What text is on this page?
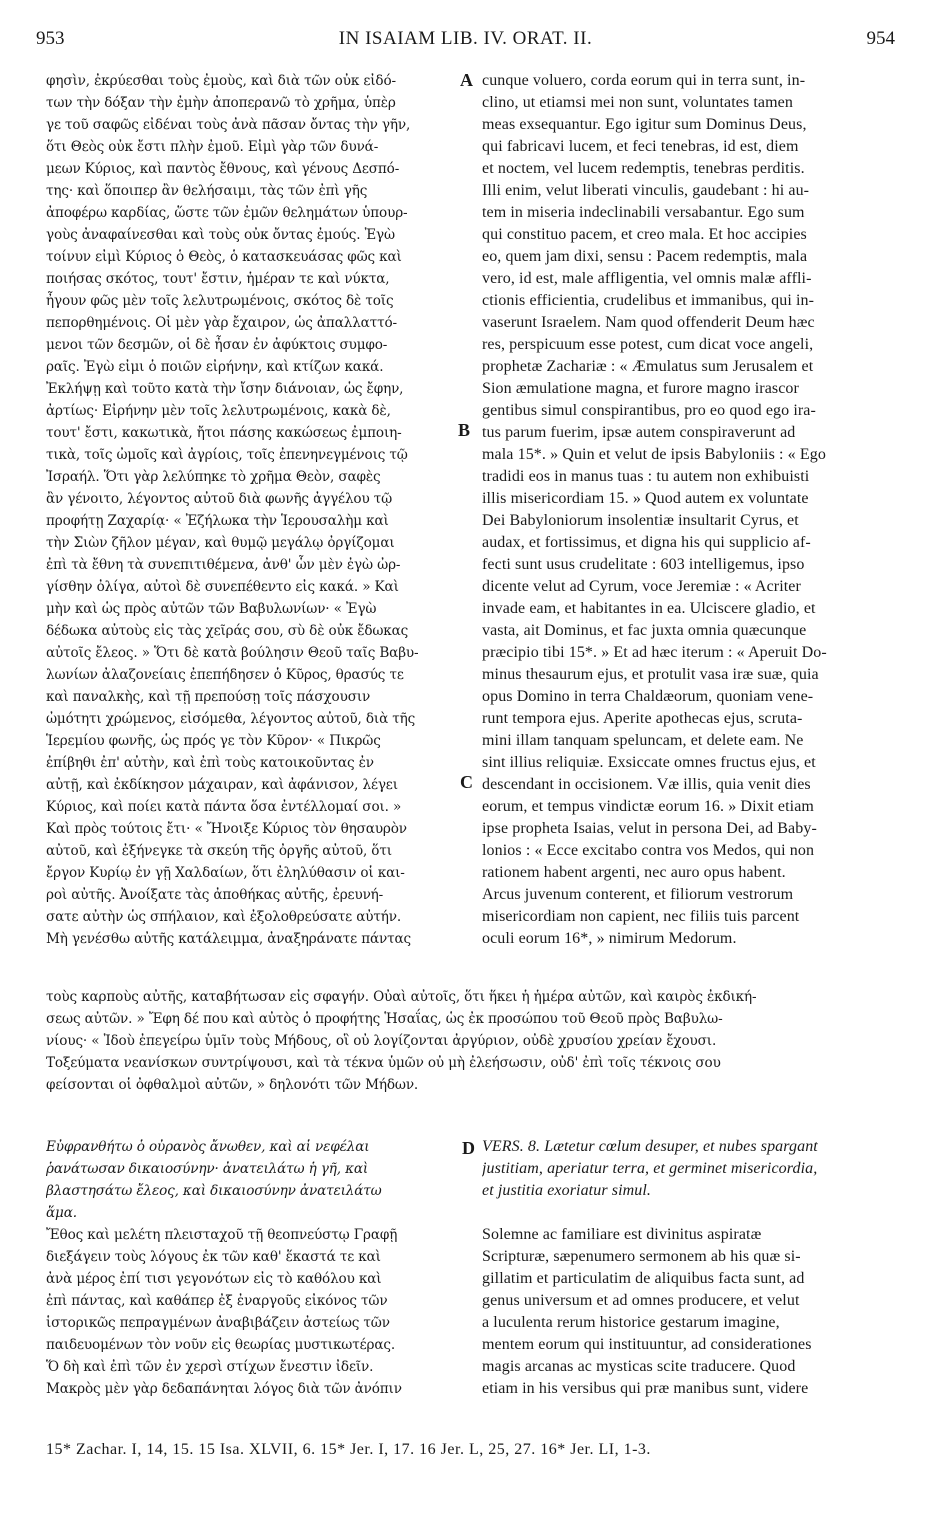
953	IN ISAIAM LIB. IV. ORAT. II.	954
A
B
C
D
φησὶν, ἐκρύεσθαι τοὺς ἐμοὺς, καὶ διὰ τῶν οὐκ εἰδό-
των τὴν δόξαν τὴν ἐμὴν ἀποπερανῶ τὸ χρῆμα, ὑπὲρ
γε τοῦ σαφῶς εἰδέναι τοὺς ἀνὰ πᾶσαν ὄντας τὴν γῆν,
ὅτι Θεὸς οὐκ ἔστι πλὴν ἐμοῦ. Εἰμὶ γὰρ τῶν δυνά-
μεων Κύριος, καὶ παντὸς ἔθνους, καὶ γένους Δεσπό-
της· καὶ ὅποιπερ ἂν θελήσαιμι, τὰς τῶν ἐπὶ γῆς
ἀποφέρω καρδίας, ὥστε τῶν ἐμῶν θελημάτων ὑπουρ-
γοὺς ἀναφαίνεσθαι καὶ τοὺς οὐκ ὄντας ἐμούς. Ἐγὼ
τοίνυν εἰμὶ Κύριος ὁ Θεὸς, ὁ κατασκευάσας φῶς καὶ
ποιήσας σκότος, τουτ' ἔστιν, ἡμέραν τε καὶ νύκτα,
ἦγουν φῶς μὲν τοῖς λελυτρωμένοις, σκότος δὲ τοῖς
πεπορθημένοις. Οἱ μὲν γὰρ ἔχαιρον, ὡς ἀπαλλαττό-
μενοι τῶν δεσμῶν, οἱ δὲ ἦσαν ἐν ἀφύκτοις συμφο-
ραῖς. Ἐγὼ εἰμι ὁ ποιῶν εἰρήνην, καὶ κτίζων κακά.
Ἐκλήψῃ καὶ τοῦτο κατὰ τὴν ἴσην διάνοιαν, ὡς ἔφην,
ἀρτίως· Εἰρήνην μὲν τοῖς λελυτρωμένοις, κακὰ δὲ,
τουτ' ἔστι, κακωτικὰ, ἤτοι πάσης κακώσεως ἐμποιη-
τικὰ, τοῖς ὠμοῖς καὶ ἀγρίοις, τοῖς ἐπενηνεγμένοις τῷ
Ἰσραήλ. Ὅτι γὰρ λελύπηκε τὸ χρῆμα Θεὸν, σαφὲς
ἂν γένοιτο, λέγοντος αὐτοῦ διὰ φωνῆς ἀγγέλου τῷ
προφήτῃ Ζαχαρίᾳ· « Ἐζήλωκα τὴν Ἱερουσαλὴμ καὶ
τὴν Σιὼν ζῆλον μέγαν, καὶ θυμῷ μεγάλῳ ὀργίζομαι
ἐπὶ τὰ ἔθνη τὰ συνεπιτιθέμενα, ἀνθ' ὧν μὲν ἐγὼ ὠρ-
γίσθην ὀλίγα, αὐτοὶ δὲ συνεπέθεντο εἰς κακά. » Καὶ
μὴν καὶ ὡς πρὸς αὐτῶν τῶν Βαβυλωνίων· « Ἐγὼ
δέδωκα αὐτοὺς εἰς τὰς χεῖράς σου, σὺ δὲ οὐκ ἔδωκας
αὐτοῖς ἔλεος. » Ὅτι δὲ κατὰ βούλησιν Θεοῦ ταῖς Βαβυ-
λωνίων ἀλαζονείαις ἐπεπήδησεν ὁ Κῦρος, θρασύς τε
καὶ παναλκὴς, καὶ τῇ πρεπούσῃ τοῖς πάσχουσιν
ὠμότητι χρώμενος, εἰσόμεθα, λέγοντος αὐτοῦ, διὰ τῆς
Ἱερεμίου φωνῆς, ὡς πρός γε τὸν Κῦρον· « Πικρῶς
ἐπίβηθι ἐπ' αὐτὴν, καὶ ἐπὶ τοὺς κατοικοῦντας ἐν
αὐτῇ, καὶ ἐκδίκησον μάχαιραν, καὶ ἀφάνισον, λέγει
Κύριος, καὶ ποίει κατὰ πάντα ὅσα ἐντέλλομαί σοι. »
Καὶ πρὸς τούτοις ἔτι· « Ἤνοιξε Κύριος τὸν θησαυρὸν
αὐτοῦ, καὶ ἐξήνεγκε τὰ σκεύη τῆς ὀργῆς αὐτοῦ, ὅτι
ἔργον Κυρίῳ ἐν γῇ Χαλδαίων, ὅτι ἐληλύθασιν οἱ και-
ροὶ αὐτῆς. Ἀνοίξατε τὰς ἀποθήκας αὐτῆς, ἐρευνή-
σατε αὐτὴν ὡς σπήλαιον, καὶ ἐξολοθρεύσατε αὐτήν.
Μὴ γενέσθω αὐτῆς κατάλειμμα, ἀναξηράνατε πάντας
cunque voluero, corda eorum qui in terra sunt, in-
clino, ut etiamsi mei non sunt, voluntates tamen
meas exsequantur. Ego igitur sum Dominus Deus,
qui fabricavi lucem, et feci tenebras, id est, diem
et noctem, vel lucem redemptis, tenebras perditis.
Illi enim, velut liberati vinculis, gaudebant : hi au-
tem in miseria indeclinabili versabantur. Ego sum
qui constituo pacem, et creo mala. Et hoc accipies
eo, quem jam dixi, sensu : Pacem redemptis, mala
vero, id est, male affligentia, vel omnis malæ affli-
ctionis efficientia, crudelibus et immanibus, qui in-
vaserunt Israelem. Nam quod offenderit Deum hæc
res, perspicuum esse potest, cum dicat voce angeli,
prophetæ Zachariæ : « Æmulatus sum Jerusalem et
Sion æmulatione magna, et furore magno irascor
gentibus simul conspirantibus, pro eo quod ego ira-
tus parum fuerim, ipsæ autem conspiraverunt ad
mala 15*. » Quin et velut de ipsis Babyloniis : « Ego
tradidi eos in manus tuas : tu autem non exhibuisti
illis misericordiam 15. » Quod autem ex voluntate
Dei Babyloniorum insolentiæ insultarit Cyrus, et
audax, et fortissimus, et digna his qui supplicio af-
fecti sunt usus crudelitate : 603 intelligemus, ipso
dicente velut ad Cyrum, voce Jeremiæ : « Acriter
invade eam, et habitantes in ea. Ulciscere gladio, et
vasta, ait Dominus, et fac juxta omnia quæcunque
præcipio tibi 15*. » Et ad hæc iterum : « Aperuit Do-
minus thesaurum ejus, et protulit vasa iræ suæ, quia
opus Domino in terra Chaldæorum, quoniam vene-
runt tempora ejus. Aperite apothecas ejus, scruta-
mini illam tanquam speluncam, et delete eam. Ne
sint illius reliquiæ. Exsiccate omnes fructus ejus, et
descendant in occisionem. Væ illis, quia venit dies
eorum, et tempus vindictæ eorum 16. » Dixit etiam
ipse propheta Isaias, velut in persona Dei, ad Baby-
lonios : « Ecce excitabo contra vos Medos, qui non
rationem habent argenti, nec auro opus habent.
Arcus juvenum conterent, et filiorum vestrorum
misericordiam non capient, nec filiis tuis parcent
oculi eorum 16*, » nimirum Medorum.
τοὺς καρποὺς αὐτῆς, καταβήτωσαν εἰς σφαγήν. Οὐαὶ αὐτοῖς, ὅτι ἥκει ἡ ἡμέρα αὐτῶν, καὶ καιρὸς ἐκδική-
σεως αὐτῶν. » Ἔφη δέ που καὶ αὐτὸς ὁ προφήτης Ἡσαΐας, ὡς ἐκ προσώπου τοῦ Θεοῦ πρὸς Βαβυλω-
νίους· « Ἰδοὺ ἐπεγείρω ὑμῖν τοὺς Μήδους, οἳ οὐ λογίζονται ἀργύριον, οὐδὲ χρυσίου χρείαν ἔχουσι.
Τοξεύματα νεανίσκων συντρίψουσι, καὶ τὰ τέκνα ὑμῶν οὐ μὴ ἐλεήσωσιν, οὐδ' ἐπὶ τοῖς τέκνοις σου
φείσονται οἱ ὀφθαλμοὶ αὐτῶν, » δηλονότι τῶν Μήδων.
Εὐφρανθήτω ὁ οὐρανὸς ἄνωθεν, καὶ αἱ νεφέλαι
ῥανάτωσαν δικαιοσύνην· ἀνατειλάτω ἡ γῆ, καὶ
βλαστησάτω ἔλεος, καὶ δικαιοσύνην ἀνατειλάτω
ἅμα.
Ἔθος καὶ μελέτη πλεισταχοῦ τῇ θεοπνεύστῳ Γραφῇ
διεξάγειν τοὺς λόγους ἐκ τῶν καθ' ἕκαστά τε καὶ
ἀνὰ μέρος ἐπί τισι γεγονότων εἰς τὸ καθόλου καὶ
ἐπὶ πάντας, καὶ καθάπερ ἐξ ἐναργοῦς εἰκόνος τῶν
ἱστορικῶς πεπραγμένων ἀναβιβάζειν ἀστείως τῶν
παιδευομένων τὸν νοῦν εἰς θεωρίας μυστικωτέρας.
Ὅ δὴ καὶ ἐπὶ τῶν ἐν χερσὶ στίχων ἔνεστιν ἰδεῖν.
Μακρὸς μὲν γὰρ δεδαπάνηται λόγος διὰ τῶν ἀνόπιν
VERS. 8. Lætetur cœlum desuper, et nubes spargant
justitiam, aperiatur terra, et germinet misericordia,
et justitia exoriatur simul.
Solemne ac familiare est divinitus aspiratæ
Scripturæ, sæpenumero sermonem ab his quæ si-
gillatim et particulatim de aliquibus facta sunt, ad
genus universum et ad omnes producere, et velut
a luculenta rerum historice gestarum imagine,
mentem eorum qui instituuntur, ad considerationes
magis arcanas ac mysticas scite traducere. Quod
etiam in his versibus qui præ manibus sunt, videre
15* Zachar. I, 14, 15. 15 Isa. XLVII, 6. 15* Jer. I, 17. 16 Jer. L, 25, 27. 16* Jer. LI, 1-3.
